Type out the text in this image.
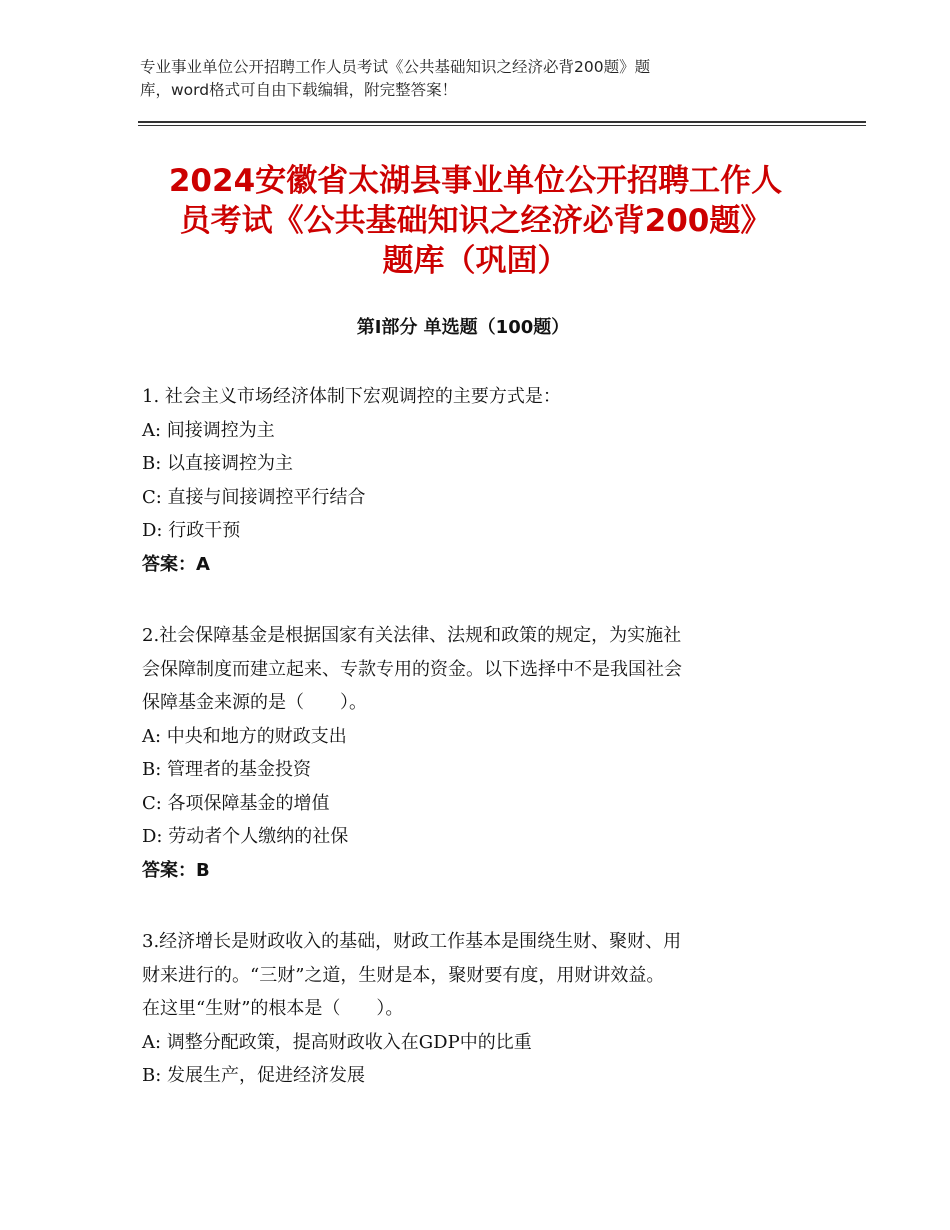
专业事业单位公开招聘工作人员考试《公共基础知识之经济必背200题》题
库，word格式可自由下载编辑，附完整答案！
2024安徽省太湖县事业单位公开招聘工作人
员考试《公共基础知识之经济必背200题》
题库（巩固）
第Ⅰ部分 单选题（100题）
1. 社会主义市场经济体制下宏观调控的主要方式是：
A: 间接调控为主
B: 以直接调控为主
C: 直接与间接调控平行结合
D: 行政干预
答案：A
2.社会保障基金是根据国家有关法律、法规和政策的规定，为实施社
会保障制度而建立起来、专款专用的资金。以下选择中不是我国社会
保障基金来源的是（　　）。
A: 中央和地方的财政支出
B: 管理者的基金投资
C: 各项保障基金的增值
D: 劳动者个人缴纳的社保
答案：B
3.经济增长是财政收入的基础，财政工作基本是围绕生财、聚财、用
财来进行的。“三财”之道，生财是本，聚财要有度，用财讲效益。
在这里“生财”的根本是（　　）。
A: 调整分配政策，提高财政收入在GDP中的比重
B: 发展生产，促进经济发展
